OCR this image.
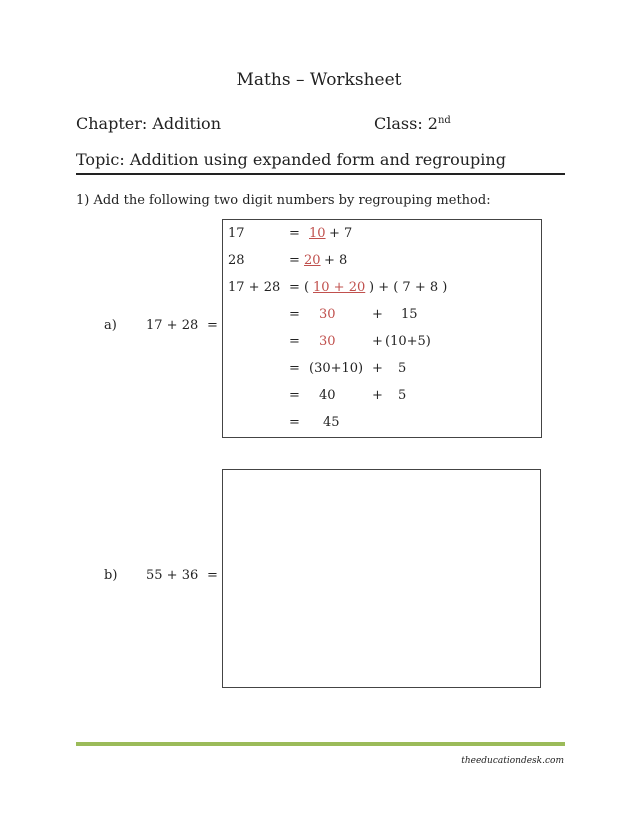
Maths – Worksheet
Chapter: Addition	Class: 2nd
Topic: Addition using expanded form and regrouping
1) Add the following two digit numbers by regrouping method:
a) 17 + 28 =
17	= 10 + 7
28	= 20 + 8
17 + 28 = ( 10 + 20 ) + ( 7 + 8 )
= 30	+ 15
= 30	+ (10+5)
= (30+10) + 5
= 40	+ 5
= 45
b) 55 + 36 =
theeducationdesk.com
